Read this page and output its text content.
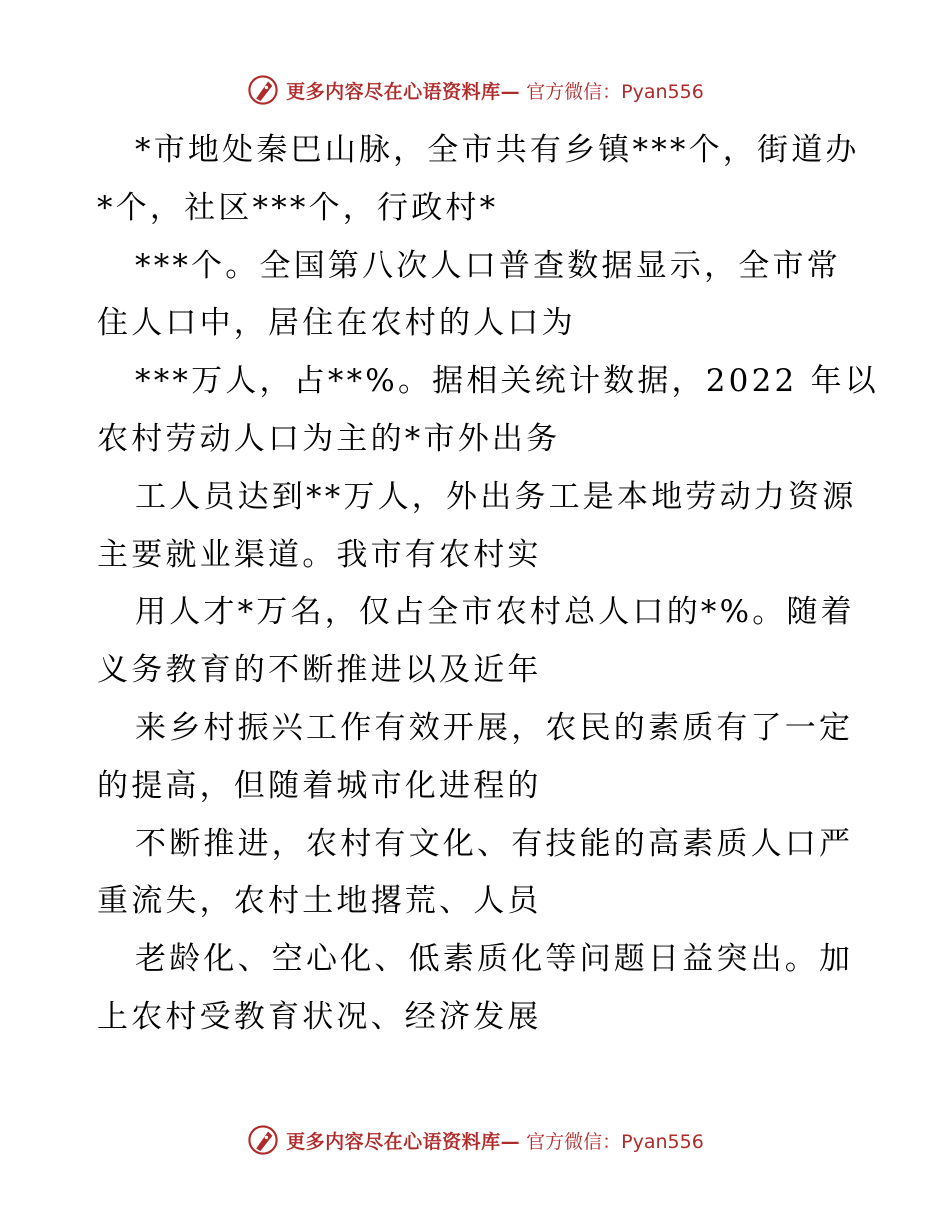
更多内容尽在心语资料库— 官方微信：Pyan556
*市地处秦巴山脉，全市共有乡镇***个，街道办
*个，社区***个，行政村*
***个。全国第八次人口普查数据显示，全市常
住人口中，居住在农村的人口为
***万人，占**%。据相关统计数据，2022 年以
农村劳动人口为主的*市外出务
工人员达到**万人，外出务工是本地劳动力资源
主要就业渠道。我市有农村实
用人才*万名，仅占全市农村总人口的*%。随着
义务教育的不断推进以及近年
来乡村振兴工作有效开展，农民的素质有了一定
的提高，但随着城市化进程的
不断推进，农村有文化、有技能的高素质人口严
重流失，农村土地撂荒、人员
老龄化、空心化、低素质化等问题日益突出。加
上农村受教育状况、经济发展
更多内容尽在心语资料库— 官方微信：Pyan556
